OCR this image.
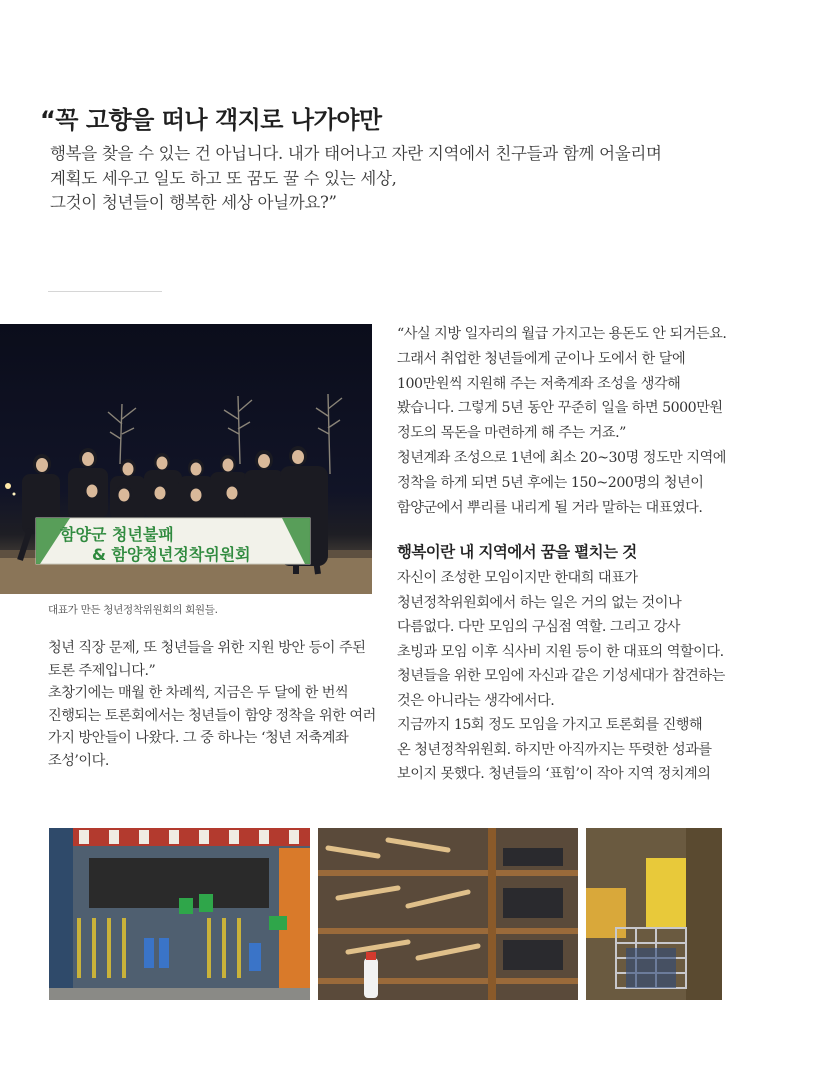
“꼭 고향을 떠나 객지로 나가야만
행복을 찾을 수 있는 건 아닙니다. 내가 태어나고 자란 지역에서 친구들과 함께 어울리며
계획도 세우고 일도 하고 또 꿈도 꿀 수 있는 세상,
그것이 청년들이 행복한 세상 아닐까요?”
함양군 청년불패
& 함양청년정착위원회
대표가 만든 청년정착위원회의 회원들.
청년 직장 문제, 또 청년들을 위한 지원 방안 등이 주된
토론 주제입니다.”
초창기에는 매월 한 차례씩, 지금은 두 달에 한 번씩
진행되는 토론회에서는 청년들이 함양 정착을 위한 여러
가지 방안들이 나왔다. 그 중 하나는 ‘청년 저축계좌
조성’이다.
“사실 지방 일자리의 월급 가지고는 용돈도 안 되거든요.
그래서 취업한 청년들에게 군이나 도에서 한 달에
100만원씩 지원해 주는 저축계좌 조성을 생각해
봤습니다. 그렇게 5년 동안 꾸준히 일을 하면 5000만원
정도의 목돈을 마련하게 해 주는 거죠.”
청년계좌 조성으로 1년에 최소 20~30명 정도만 지역에
정착을 하게 되면 5년 후에는 150~200명의 청년이
함양군에서 뿌리를 내리게 될 거라 말하는 대표였다.
행복이란 내 지역에서 꿈을 펼치는 것
자신이 조성한 모임이지만 한대희 대표가
청년정착위원회에서 하는 일은 거의 없는 것이나
다름없다. 다만 모임의 구심점 역할. 그리고 강사
초빙과 모임 이후 식사비 지원 등이 한 대표의 역할이다.
청년들을 위한 모임에 자신과 같은 기성세대가 참견하는
것은 아니라는 생각에서다.
지금까지 15회 정도 모임을 가지고 토론회를 진행해
온 청년정착위원회. 하지만 아직까지는 뚜렷한 성과를
보이지 못했다. 청년들의 ‘표힘’이 작아 지역 정치계의
